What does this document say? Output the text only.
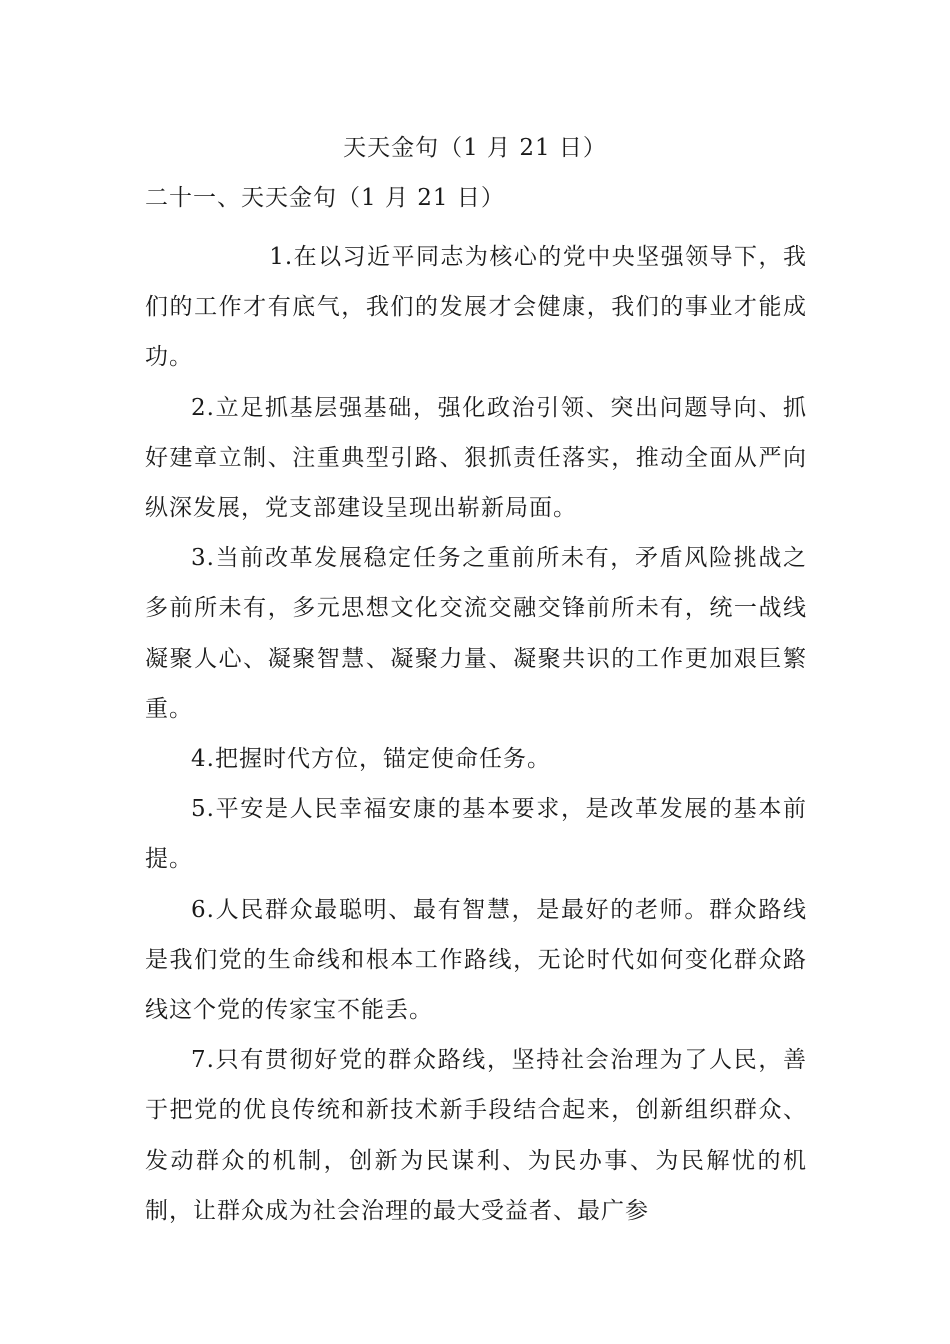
天天金句（1 月 21 日）
二十一、天天金句（1 月 21 日）

1.在以习近平同志为核心的党中央坚强领导下，我们的工作才有底气，我们的发展才会健康，我们的事业才能成功。

2.立足抓基层强基础，强化政治引领、突出问题导向、抓好建章立制、注重典型引路、狠抓责任落实，推动全面从严向纵深发展，党支部建设呈现出崭新局面。

3.当前改革发展稳定任务之重前所未有，矛盾风险挑战之多前所未有，多元思想文化交流交融交锋前所未有，统一战线凝聚人心、凝聚智慧、凝聚力量、凝聚共识的工作更加艰巨繁重。

4.把握时代方位，锚定使命任务。

5.平安是人民幸福安康的基本要求，是改革发展的基本前提。

6.人民群众最聪明、最有智慧，是最好的老师。群众路线是我们党的生命线和根本工作路线，无论时代如何变化群众路线这个党的传家宝不能丢。

7.只有贯彻好党的群众路线，坚持社会治理为了人民，善于把党的优良传统和新技术新手段结合起来，创新组织群众、发动群众的机制，创新为民谋利、为民办事、为民解忧的机制，让群众成为社会治理的最大受益者、最广参
